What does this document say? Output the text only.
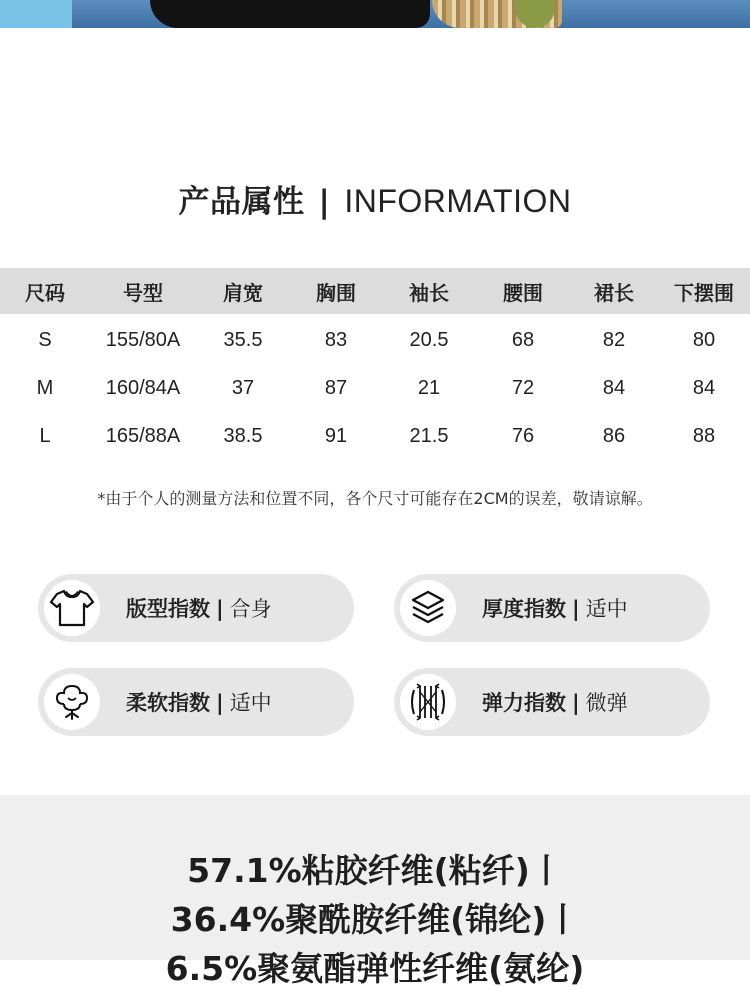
产品属性 | INFORMATION
尺码	号型	肩宽	胸围	袖长	腰围	裙长	下摆围
S	155/80A	35.5	83	20.5	68	82	80
M	160/84A	37	87	21	72	84	84
L	165/88A	38.5	91	21.5	76	86	88
*由于个人的测量方法和位置不同，各个尺寸可能存在2CM的误差，敬请谅解。
版型指数 | 合身	厚度指数 | 适中
柔软指数 | 适中	弹力指数 | 微弹
57.1%粘胶纤维(粘纤)丨
36.4%聚酰胺纤维(锦纶)丨
6.5%聚氨酯弹性纤维(氨纶)
